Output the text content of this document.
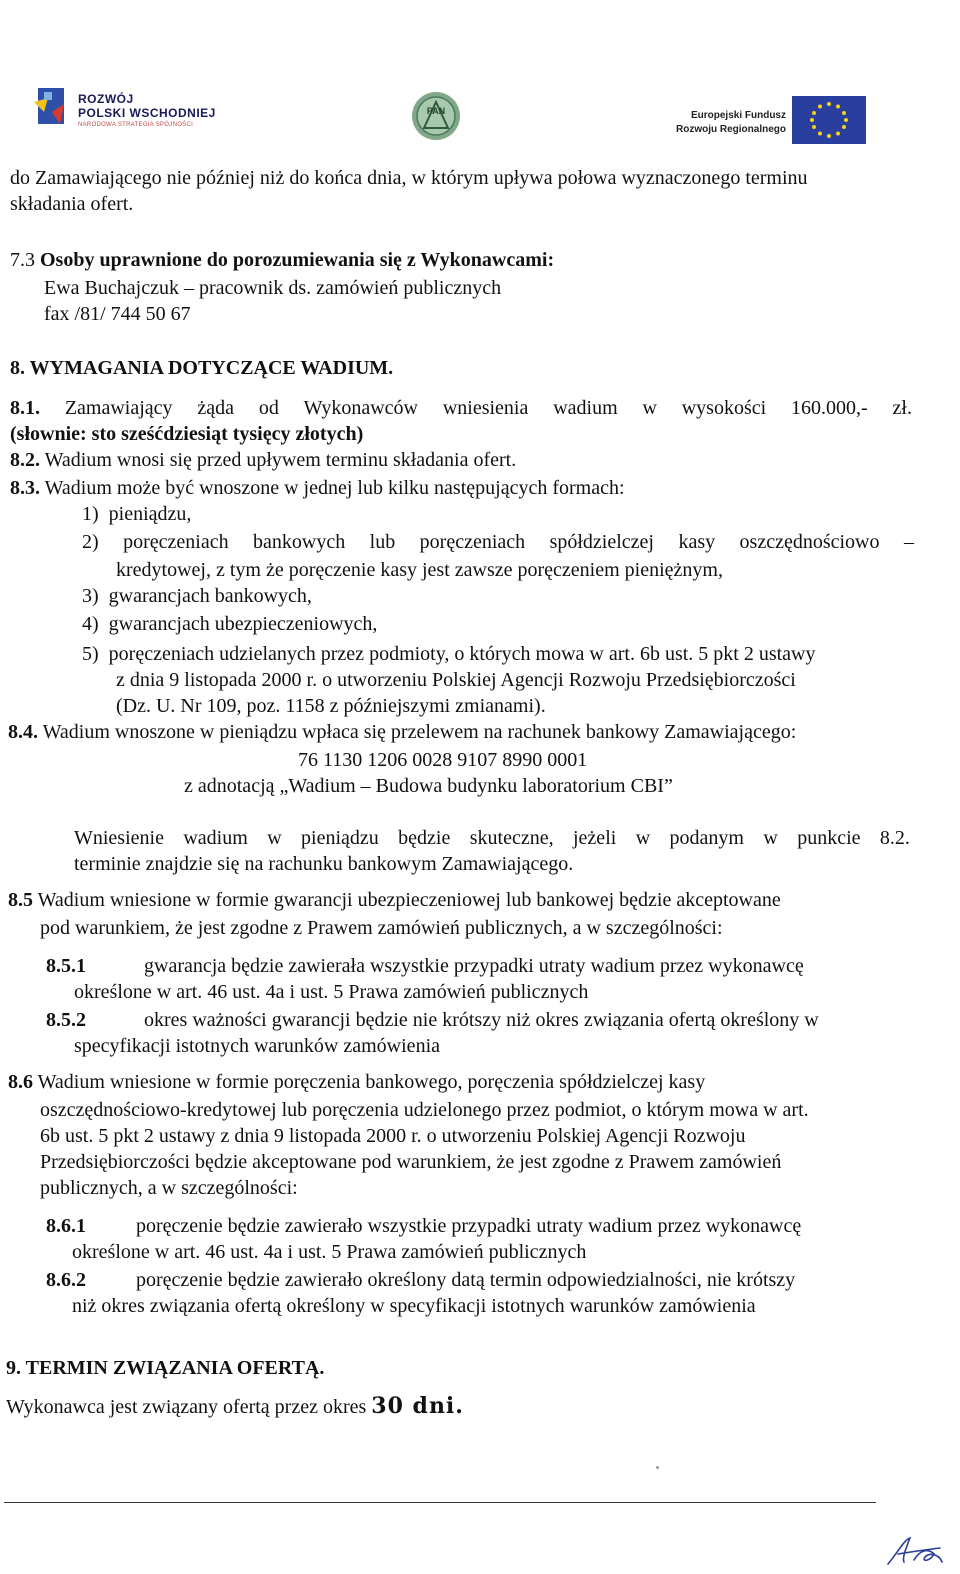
ROZWÓJ
POLSKI WSCHODNIEJ
NARODOWA STRATEGIA SPÓJNOŚCI
PAN	Europejski Fundusz
Rozwoju Regionalnego
do Zamawiającego nie później niż do końca dnia, w którym upływa połowa wyznaczonego terminu
składania ofert.
7.3 Osoby uprawnione do porozumiewania się z Wykonawcami:
Ewa Buchajczuk – pracownik ds. zamówień publicznych
fax /81/ 744 50 67
8. WYMAGANIA DOTYCZĄCE WADIUM.
8.1. Zamawiający żąda od Wykonawców wniesienia wadium w wysokości 160.000,- zł.
(słownie: sto sześćdziesiąt tysięcy złotych)
8.2. Wadium wnosi się przed upływem terminu składania ofert.
8.3. Wadium może być wnoszone w jednej lub kilku następujących formach:
1) pieniądzu,
2) poręczeniach bankowych lub poręczeniach spółdzielczej kasy oszczędnościowo –
kredytowej, z tym że poręczenie kasy jest zawsze poręczeniem pieniężnym,
3) gwarancjach bankowych,
4) gwarancjach ubezpieczeniowych,
5) poręczeniach udzielanych przez podmioty, o których mowa w art. 6b ust. 5 pkt 2 ustawy
z dnia 9 listopada 2000 r. o utworzeniu Polskiej Agencji Rozwoju Przedsiębiorczości
(Dz. U. Nr 109, poz. 1158 z późniejszymi zmianami).
8.4. Wadium wnoszone w pieniądzu wpłaca się przelewem na rachunek bankowy Zamawiającego:
76 1130 1206 0028 9107 8990 0001
z adnotacją „Wadium – Budowa budynku laboratorium CBI”
Wniesienie wadium w pieniądzu będzie skuteczne, jeżeli w podanym w punkcie 8.2.
terminie znajdzie się na rachunku bankowym Zamawiającego.
8.5 Wadium wniesione w formie gwarancji ubezpieczeniowej lub bankowej będzie akceptowane
pod warunkiem, że jest zgodne z Prawem zamówień publicznych, a w szczególności:
8.5.1	gwarancja będzie zawierała wszystkie przypadki utraty wadium przez wykonawcę
określone w art. 46 ust. 4a i ust. 5 Prawa zamówień publicznych
8.5.2	okres ważności gwarancji będzie nie krótszy niż okres związania ofertą określony w
specyfikacji istotnych warunków zamówienia
8.6 Wadium wniesione w formie poręczenia bankowego, poręczenia spółdzielczej kasy
oszczędnościowo-kredytowej lub poręczenia udzielonego przez podmiot, o którym mowa w art.
6b ust. 5 pkt 2 ustawy z dnia 9 listopada 2000 r. o utworzeniu Polskiej Agencji Rozwoju
Przedsiębiorczości będzie akceptowane pod warunkiem, że jest zgodne z Prawem zamówień
publicznych, a w szczególności:
8.6.1	poręczenie będzie zawierało wszystkie przypadki utraty wadium przez wykonawcę
określone w art. 46 ust. 4a i ust. 5 Prawa zamówień publicznych
8.6.2	poręczenie będzie zawierało określony datą termin odpowiedzialności, nie krótszy
niż okres związania ofertą określony w specyfikacji istotnych warunków zamówienia
9. TERMIN ZWIĄZANIA OFERTĄ.
Wykonawca jest związany ofertą przez okres 30 dni.
